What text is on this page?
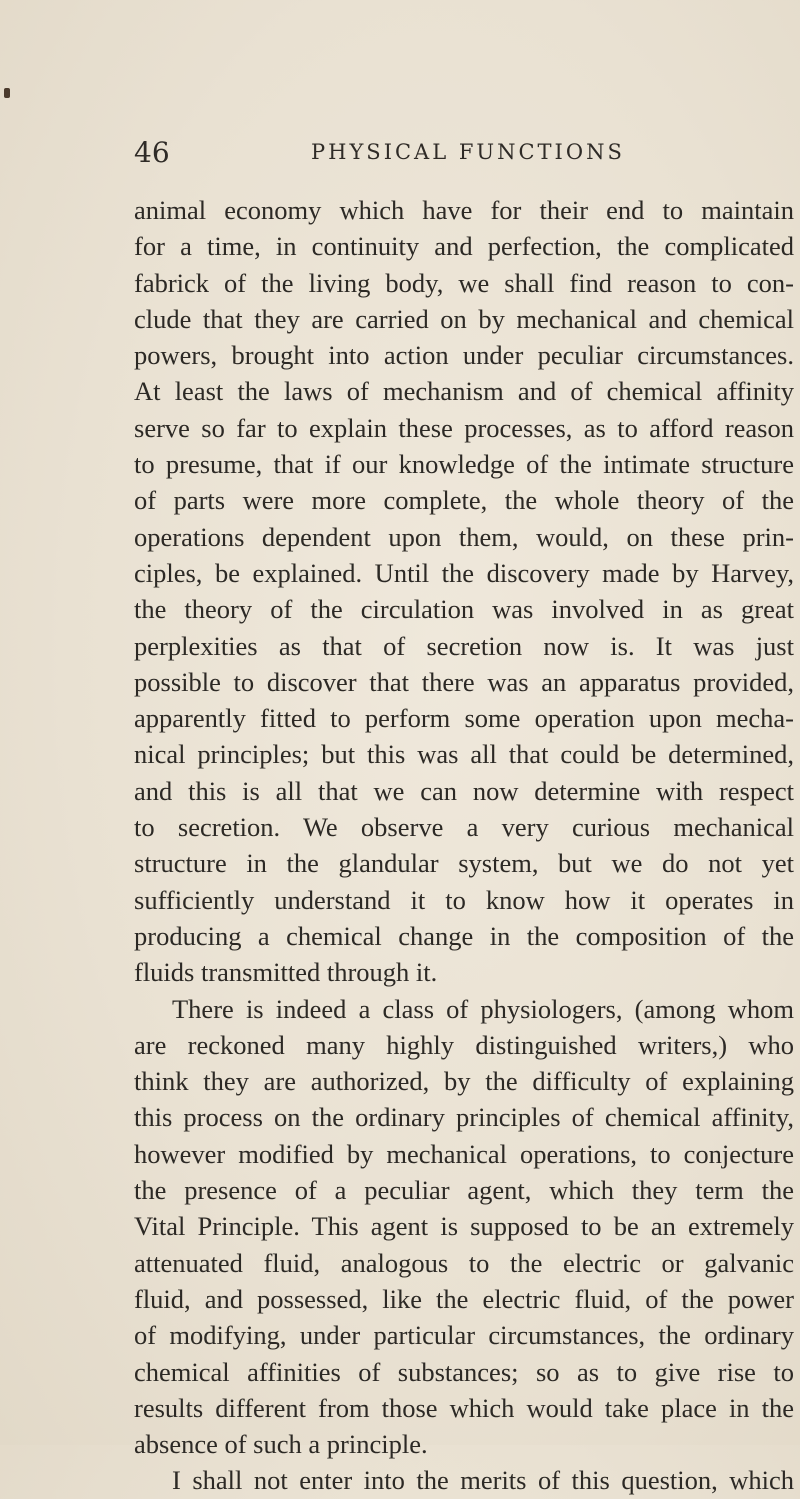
46	PHYSICAL FUNCTIONS
animal economy which have for their end to maintain
for a time, in continuity and perfection, the complicated
fabrick of the living body, we shall find reason to con-
clude that they are carried on by mechanical and chemical
powers, brought into action under peculiar circumstances.
At least the laws of mechanism and of chemical affinity
serve so far to explain these processes, as to afford reason
to presume, that if our knowledge of the intimate structure
of parts were more complete, the whole theory of the
operations dependent upon them, would, on these prin-
ciples, be explained. Until the discovery made by Harvey,
the theory of the circulation was involved in as great
perplexities as that of secretion now is. It was just
possible to discover that there was an apparatus provided,
apparently fitted to perform some operation upon mecha-
nical principles; but this was all that could be determined,
and this is all that we can now determine with respect
to secretion. We observe a very curious mechanical
structure in the glandular system, but we do not yet
sufficiently understand it to know how it operates in
producing a chemical change in the composition of the
fluids transmitted through it.
There is indeed a class of physiologers, (among whom
are reckoned many highly distinguished writers,) who
think they are authorized, by the difficulty of explaining
this process on the ordinary principles of chemical affinity,
however modified by mechanical operations, to conjecture
the presence of a peculiar agent, which they term the
Vital Principle. This agent is supposed to be an extremely
attenuated fluid, analogous to the electric or galvanic
fluid, and possessed, like the electric fluid, of the power
of modifying, under particular circumstances, the ordinary
chemical affinities of substances; so as to give rise to
results different from those which would take place in the
absence of such a principle.
I shall not enter into the merits of this question, which
